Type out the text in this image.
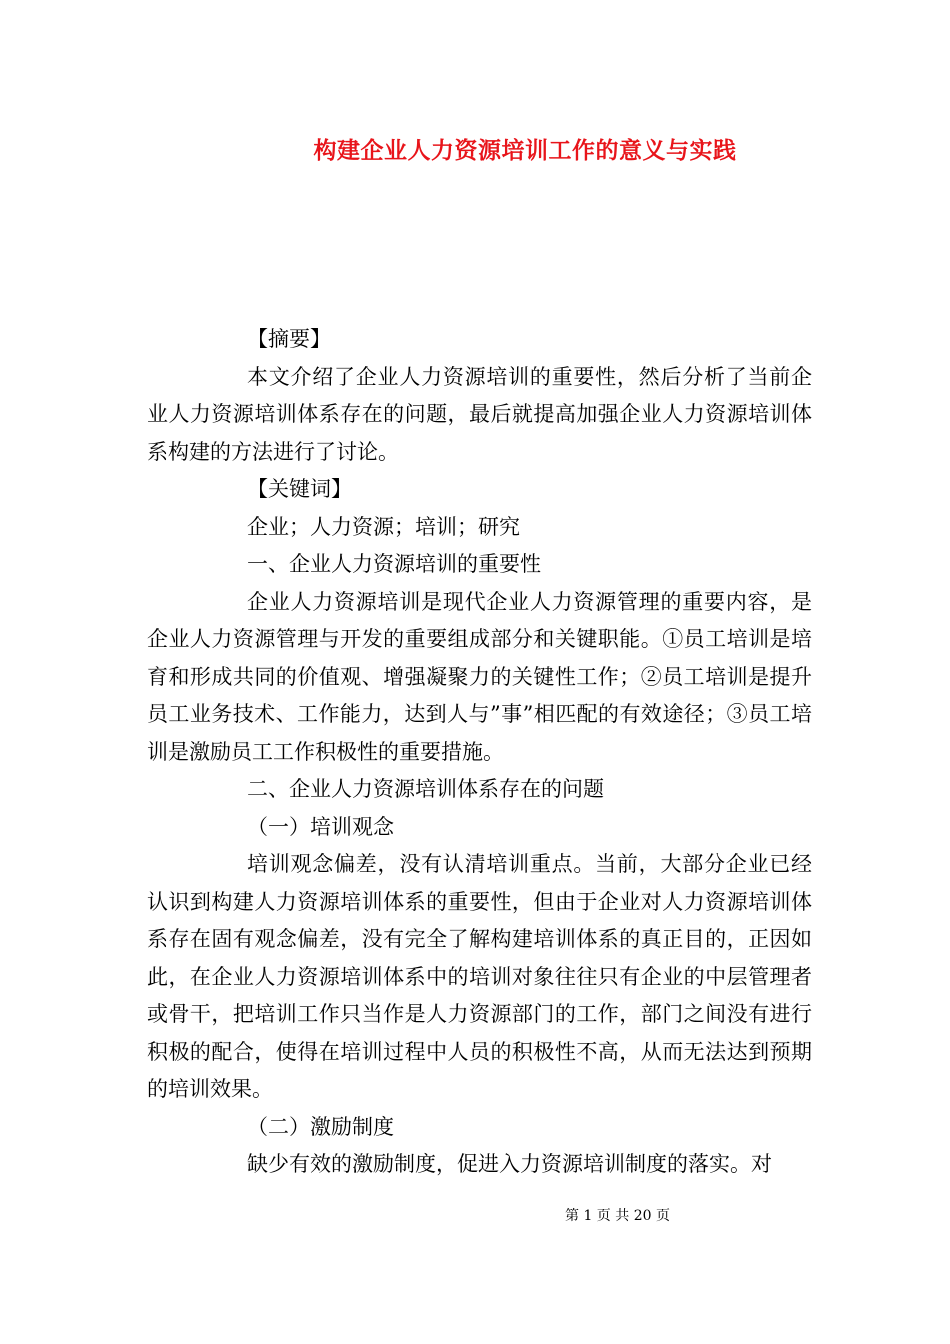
构建企业人力资源培训工作的意义与实践

【摘要】

本文介绍了企业人力资源培训的重要性，然后分析了当前企业人力资源培训体系存在的问题，最后就提高加强企业人力资源培训体系构建的方法进行了讨论。

【关键词】

企业；人力资源；培训；研究

一、企业人力资源培训的重要性

企业人力资源培训是现代企业人力资源管理的重要内容，是企业人力资源管理与开发的重要组成部分和关键职能。①员工培训是培育和形成共同的价值观、增强凝聚力的关键性工作；②员工培训是提升员工业务技术、工作能力，达到人与”事”相匹配的有效途径；③员工培训是激励员工工作积极性的重要措施。

二、企业人力资源培训体系存在的问题

（一）培训观念

培训观念偏差，没有认清培训重点。当前，大部分企业已经认识到构建人力资源培训体系的重要性，但由于企业对人力资源培训体系存在固有观念偏差，没有完全了解构建培训体系的真正目的，正因如此，在企业人力资源培训体系中的培训对象往往只有企业的中层管理者或骨干，把培训工作只当作是人力资源部门的工作，部门之间没有进行积极的配合，使得在培训过程中人员的积极性不高，从而无法达到预期的培训效果。

（二）激励制度

缺少有效的激励制度，促进入力资源培训制度的落实。对

第 1 页 共 20 页
